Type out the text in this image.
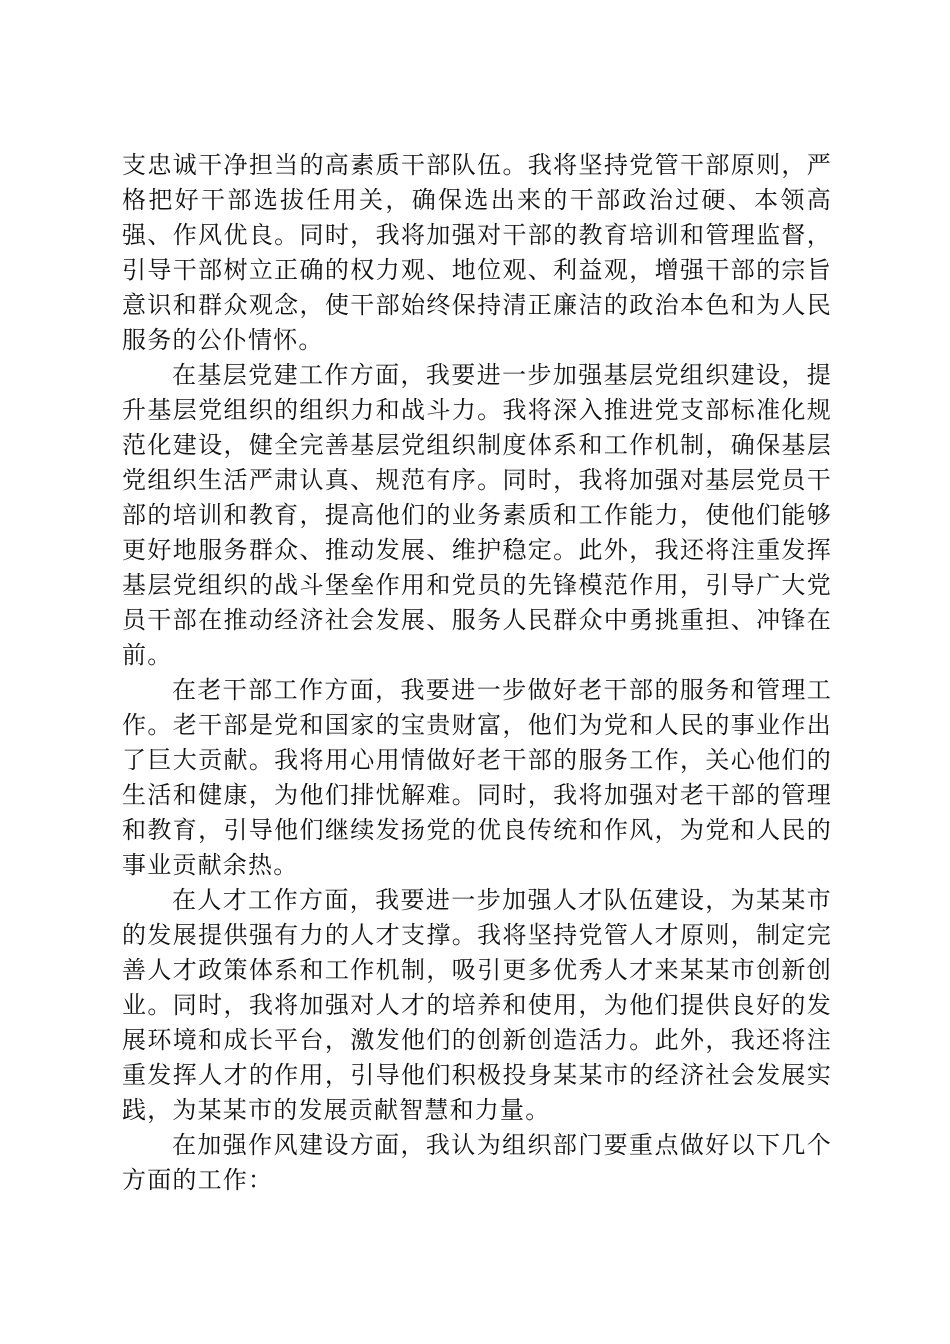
支忠诚干净担当的高素质干部队伍。我将坚持党管干部原则，严格把好干部选拔任用关，确保选出来的干部政治过硬、本领高强、作风优良。同时，我将加强对干部的教育培训和管理监督，引导干部树立正确的权力观、地位观、利益观，增强干部的宗旨意识和群众观念，使干部始终保持清正廉洁的政治本色和为人民服务的公仆情怀。

在基层党建工作方面，我要进一步加强基层党组织建设，提升基层党组织的组织力和战斗力。我将深入推进党支部标准化规范化建设，健全完善基层党组织制度体系和工作机制，确保基层党组织生活严肃认真、规范有序。同时，我将加强对基层党员干部的培训和教育，提高他们的业务素质和工作能力，使他们能够更好地服务群众、推动发展、维护稳定。此外，我还将注重发挥基层党组织的战斗堡垒作用和党员的先锋模范作用，引导广大党员干部在推动经济社会发展、服务人民群众中勇挑重担、冲锋在前。

在老干部工作方面，我要进一步做好老干部的服务和管理工作。老干部是党和国家的宝贵财富，他们为党和人民的事业作出了巨大贡献。我将用心用情做好老干部的服务工作，关心他们的生活和健康，为他们排忧解难。同时，我将加强对老干部的管理和教育，引导他们继续发扬党的优良传统和作风，为党和人民的事业贡献余热。

在人才工作方面，我要进一步加强人才队伍建设，为某某市的发展提供强有力的人才支撑。我将坚持党管人才原则，制定完善人才政策体系和工作机制，吸引更多优秀人才来某某市创新创业。同时，我将加强对人才的培养和使用，为他们提供良好的发展环境和成长平台，激发他们的创新创造活力。此外，我还将注重发挥人才的作用，引导他们积极投身某某市的经济社会发展实践，为某某市的发展贡献智慧和力量。

在加强作风建设方面，我认为组织部门要重点做好以下几个方面的工作：
